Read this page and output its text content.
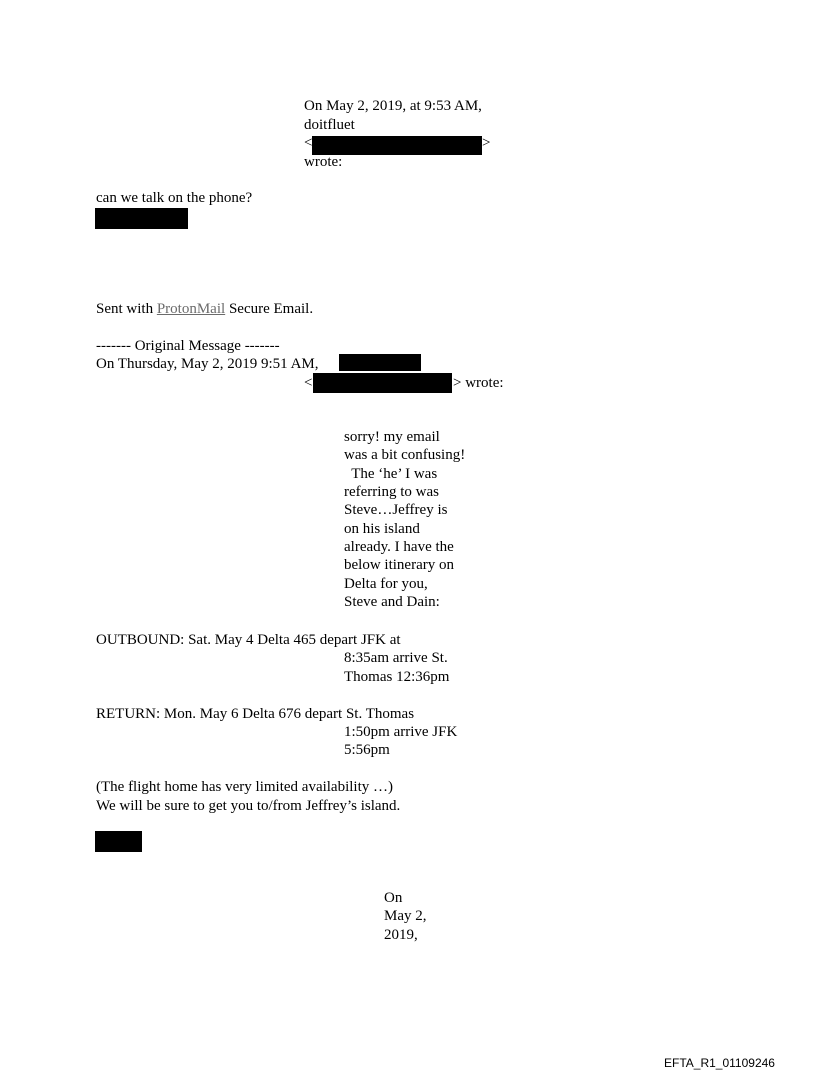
On May 2, 2019, at 9:53 AM,
doitfluet
<	>
wrote:
can we talk on the phone?
Sent with ProtonMail Secure Email.
------- Original Message -------
On Thursday, May 2, 2019 9:51 AM,
<	> wrote:
sorry! my email
was a bit confusing!
The ‘he’ I was
referring to was
Steve…Jeffrey is
on his island
already. I have the
below itinerary on
Delta for you,
Steve and Dain:
OUTBOUND: Sat. May 4 Delta 465 depart JFK at
8:35am arrive St.
Thomas 12:36pm
RETURN: Mon. May 6 Delta 676 depart St. Thomas
1:50pm arrive JFK
5:56pm
(The flight home has very limited availability …)
We will be sure to get you to/from Jeffrey’s island.
On
May 2,
2019,
EFTA_R1_01109246
